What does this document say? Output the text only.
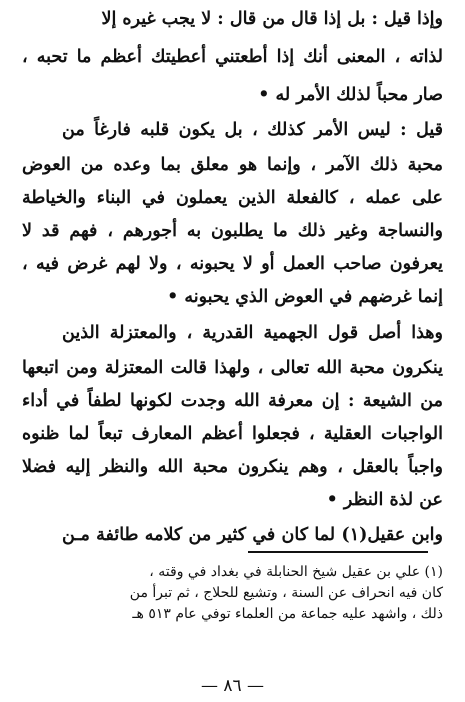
وإذا قيل : بل إذا قال من قال : لا يجب غيره إلا
لذاته ، المعنى أنك إذا أطعتني أعطيتك أعظم ما تحبه ،
صار محباً لذلك الأمر له •
قيل : ليس الأمر كذلك ، بل يكون قلبه فارغاً من
محبة ذلك الآمر ، وإنما هو معلق بما وعده من العوض
على عمله ، كالفعلة الذين يعملون في البناء والخياطة
والنساجة وغير ذلك ما يطلبون به أجورهم ، فهم قد لا
يعرفون صاحب العمل أو لا يحبونه ، ولا لهم غرض فيه ،
إنما غرضهم في العوض الذي يحبونه •
وهذا أصل قول الجهمية القدرية ، والمعتزلة الذين
ينكرون محبة الله تعالى ، ولهذا قالت المعتزلة ومن اتبعها
من الشيعة : إن معرفة الله وجدت لكونها لطفاً في أداء
الواجبات العقلية ، فجعلوا أعظم المعارف تبعاً لما ظنوه
واجباً بالعقل ، وهم ينكرون محبة الله والنظر إليه فضلا
عن لذة النظر •
وابن عقيل(١) لما كان في كثير من كلامه طائفة مـن
(١) علي بن عقيل شيخ الحنابلة في بغداد في وقته ،
كان فيه انحراف عن السنة ، وتشيع للحلاج ، ثم تبرأ من
ذلك ، واشهد عليه جماعة من العلماء توفي عام ٥١٣ هـ
— ٨٦ —
